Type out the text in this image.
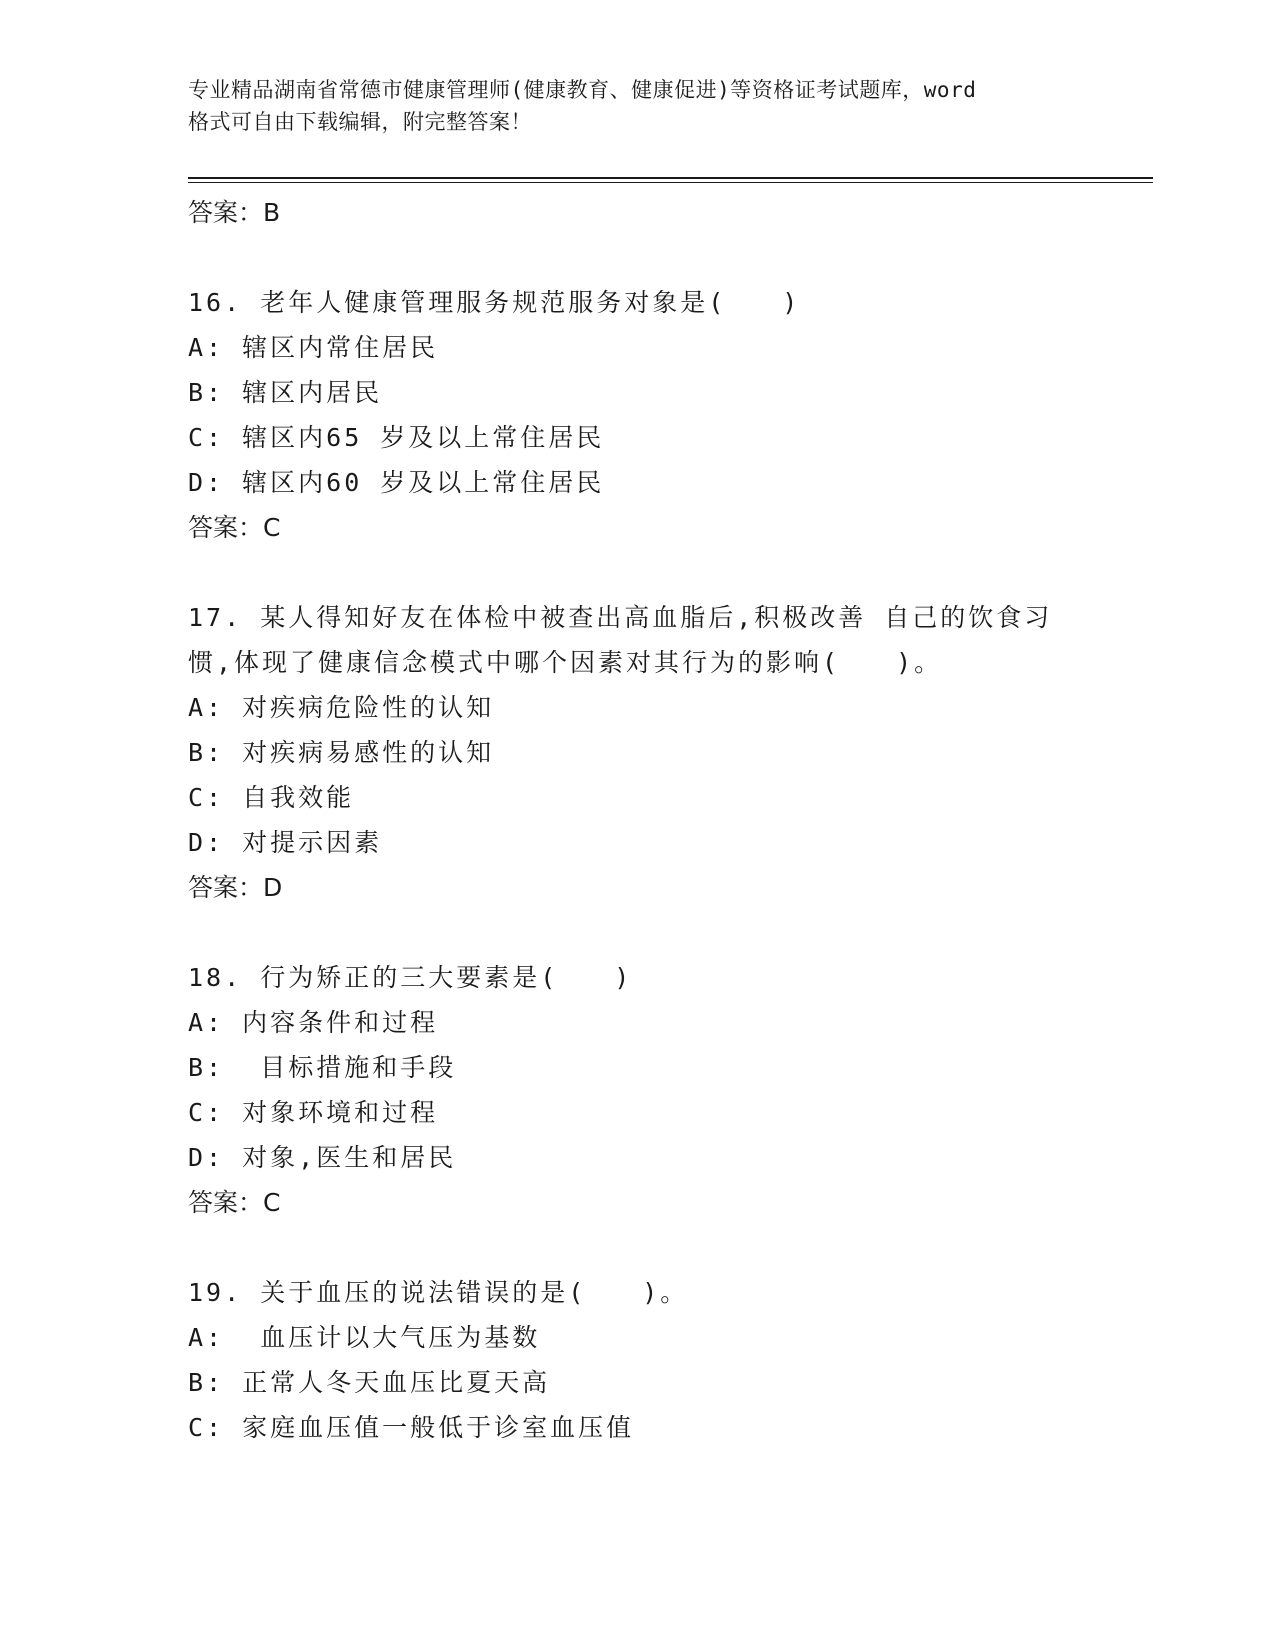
专业精品湖南省常德市健康管理师(健康教育、健康促进)等资格证考试题库，word
格式可自由下载编辑，附完整答案！
答案：B
16. 老年人健康管理服务规范服务对象是(　　)
A: 辖区内常住居民
B: 辖区内居民
C: 辖区内65 岁及以上常住居民
D: 辖区内60 岁及以上常住居民
答案：C
17. 某人得知好友在体检中被查出高血脂后,积极改善 自己的饮食习
惯,体现了健康信念模式中哪个因素对其行为的影响(　　)。
A: 对疾病危险性的认知
B: 对疾病易感性的认知
C: 自我效能
D: 对提示因素
答案：D
18. 行为矫正的三大要素是(　　)
A: 内容条件和过程
B:  目标措施和手段
C: 对象环境和过程
D: 对象,医生和居民
答案：C
19. 关于血压的说法错误的是(　　)。
A:  血压计以大气压为基数
B: 正常人冬天血压比夏天高
C: 家庭血压值一般低于诊室血压值
